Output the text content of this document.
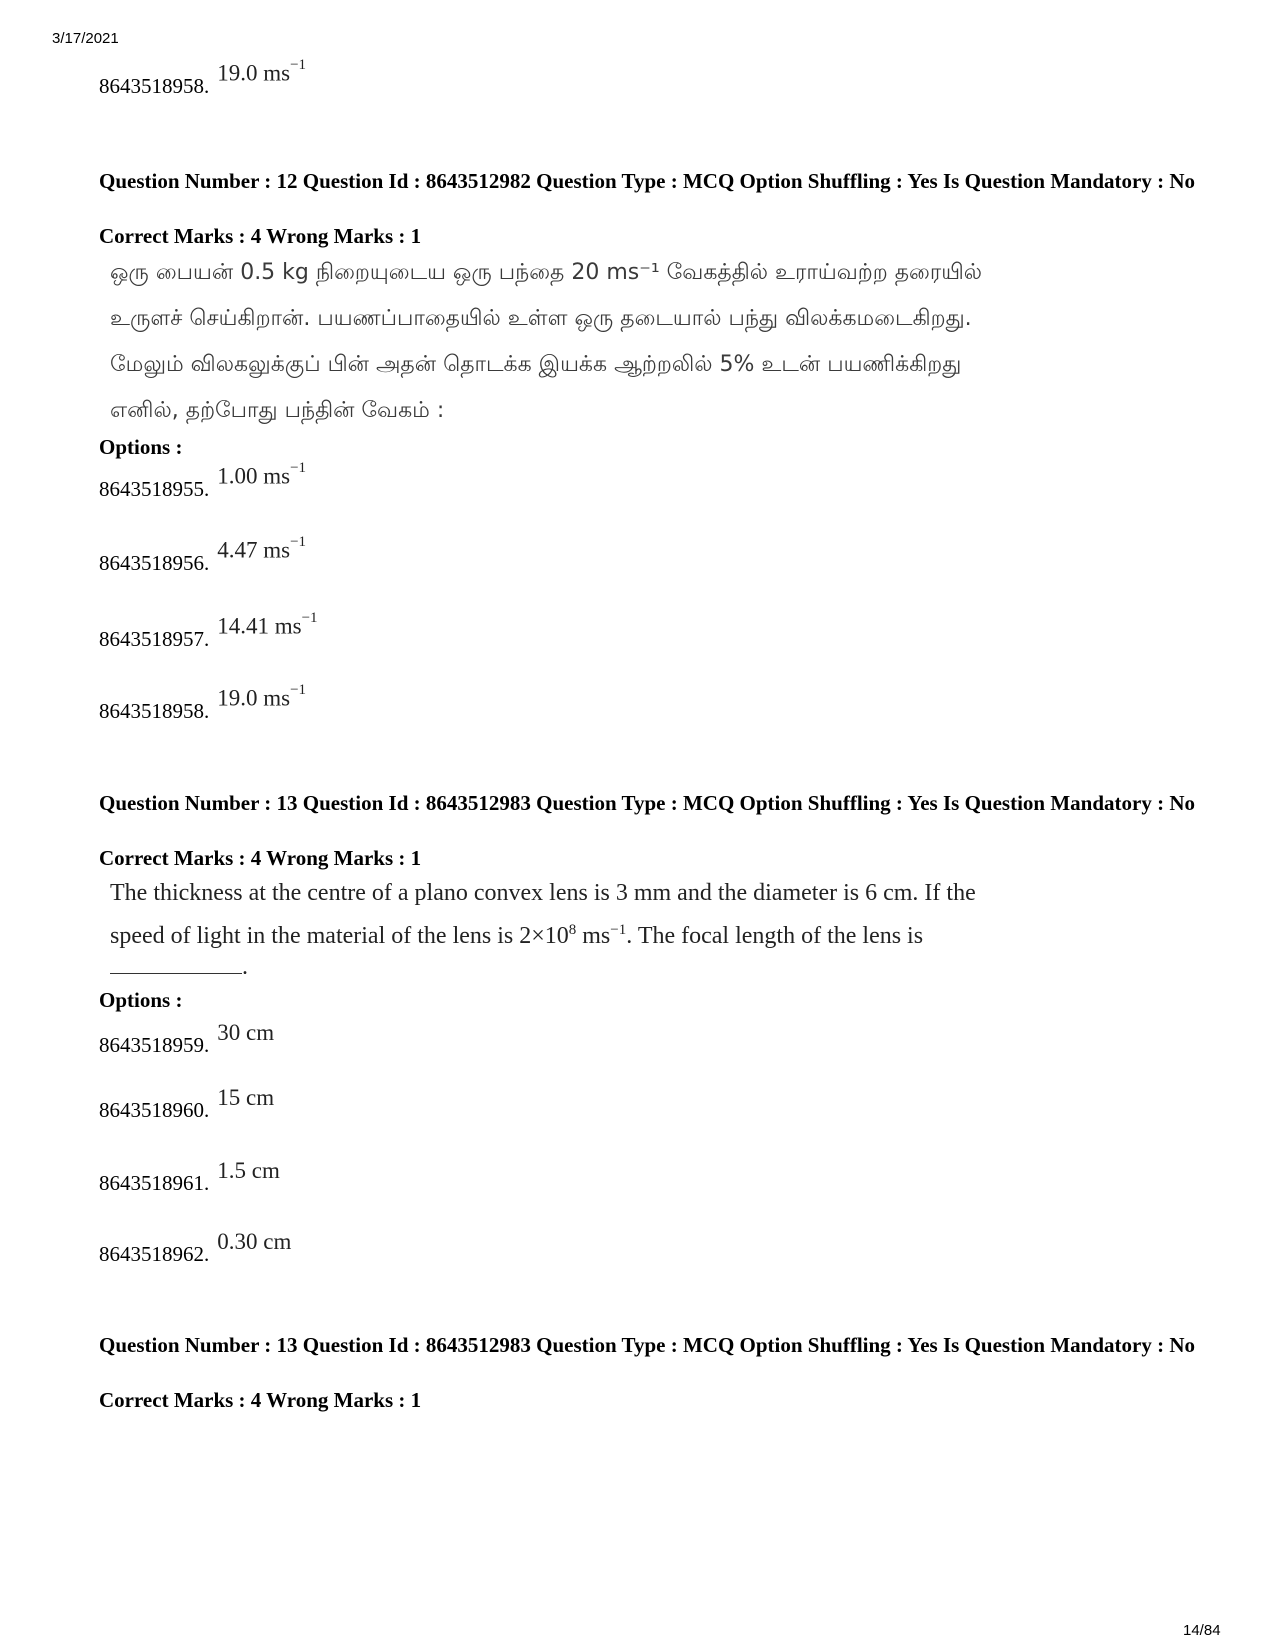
3/17/2021
8643518958. 19.0 $ms^{-1}$
Question Number : 12 Question Id : 8643512982 Question Type : MCQ Option Shuffling : Yes Is Question Mandatory : No
Correct Marks : 4 Wrong Marks : 1
ஒரு பையன் 0.5 kg நிறையுடைய ஒரு பந்தை 20 ms⁻¹ வேகத்தில் உராய்வற்ற தரையில்
உருளச் செய்கிறான். பயணப்பாதையில் உள்ள ஒரு தடையால் பந்து விலக்கமடைகிறது.
மேலும் விலகலுக்குப் பின் அதன் தொடக்க இயக்க ஆற்றலில் 5% உடன் பயணிக்கிறது
எனில், தற்போது பந்தின் வேகம் :
Options :
8643518955. 1.00 $ms^{-1}$
8643518956. 4.47 $ms^{-1}$
8643518957. 14.41 $ms^{-1}$
8643518958. 19.0 $ms^{-1}$
Question Number : 13 Question Id : 8643512983 Question Type : MCQ Option Shuffling : Yes Is Question Mandatory : No
Correct Marks : 4 Wrong Marks : 1
The thickness at the centre of a plano convex lens is 3 mm and the diameter is 6 cm. If the
speed of light in the material of the lens is $2\times 10^8$ $ms^{-1}$. The focal length of the lens is
.
Options :
8643518959. 30 cm
8643518960. 15 cm
8643518961. 1.5 cm
8643518962. 0.30 cm
Question Number : 13 Question Id : 8643512983 Question Type : MCQ Option Shuffling : Yes Is Question Mandatory : No
Correct Marks : 4 Wrong Marks : 1
14/84
